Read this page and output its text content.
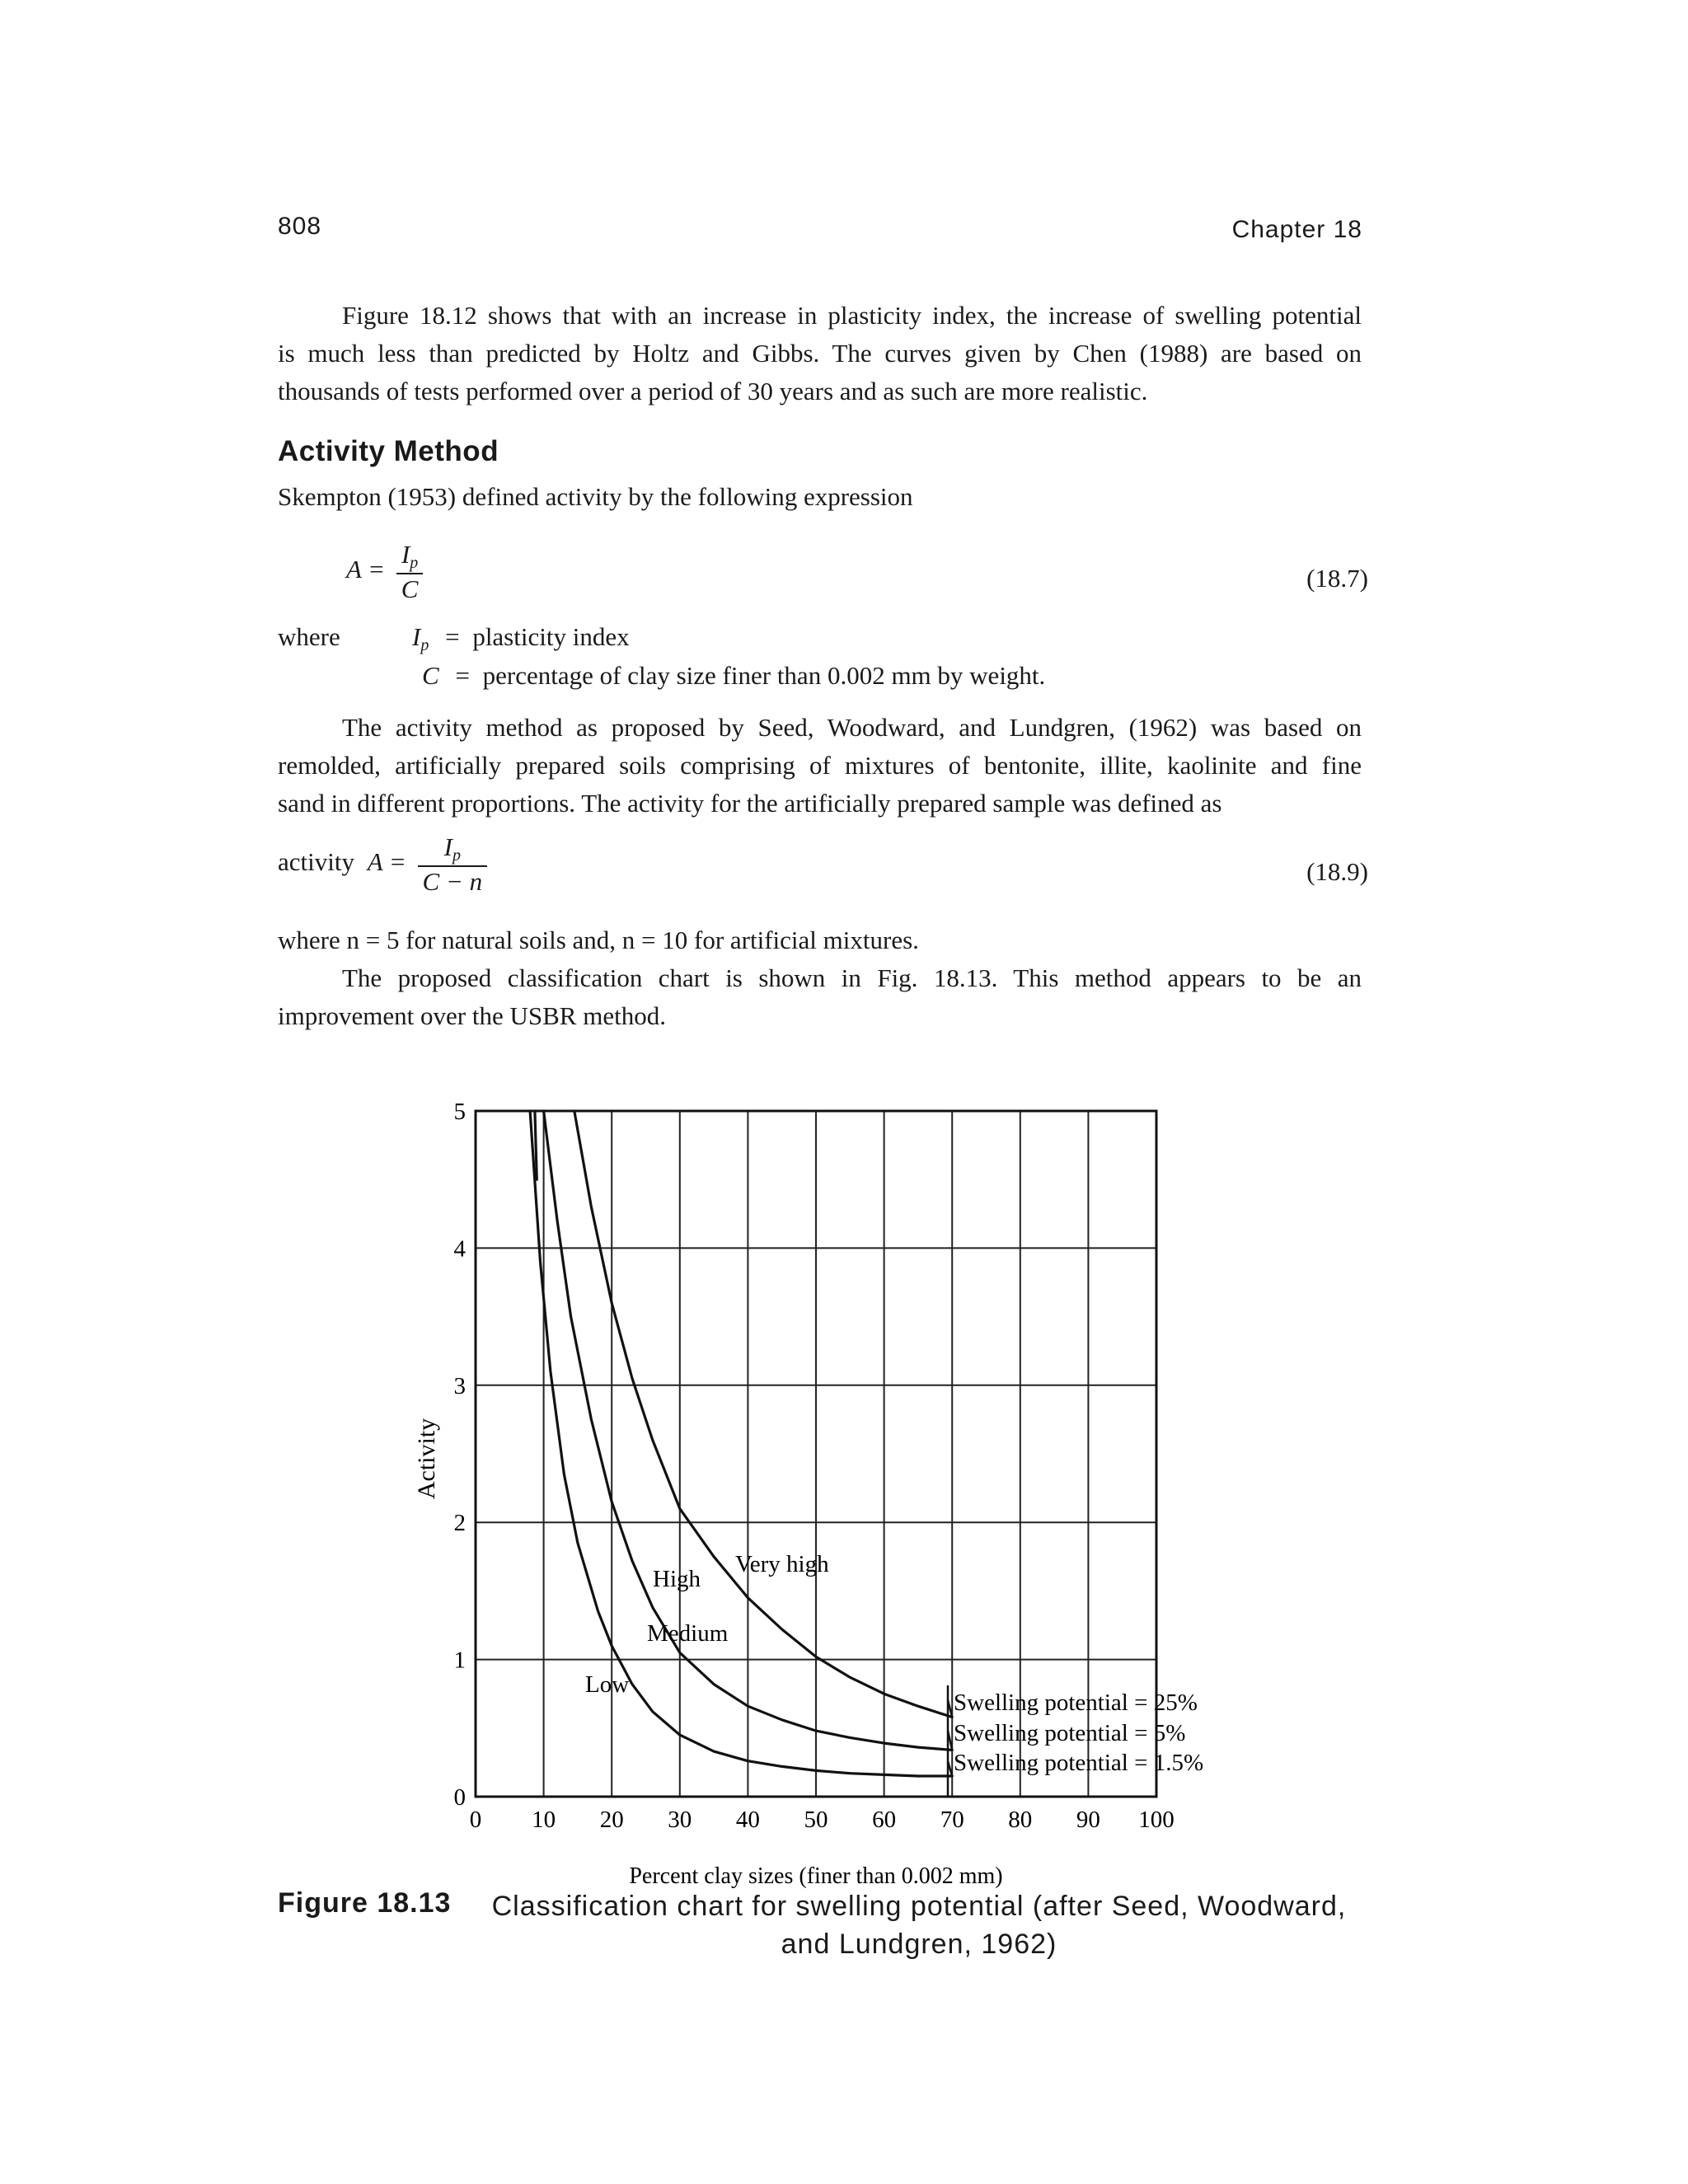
808	Chapter 18
Figure 18.12 shows that with an increase in plasticity index, the increase of swelling potential
is much less than predicted by Holtz and Gibbs. The curves given by Chen (1988) are based on
thousands of tests performed over a period of 30 years and as such are more realistic.
Activity Method
Skempton (1953) defined activity by the following expression
$A = \frac{I_p}{C}$	(18.7)
where	$I_p$ = plasticity index
C = percentage of clay size finer than 0.002 mm by weight.
The activity method as proposed by Seed, Woodward, and Lundgren, (1962) was based on
remolded, artificially prepared soils comprising of mixtures of bentonite, illite, kaolinite and fine
sand in different proportions. The activity for the artificially prepared sample was defined as
activity $A = \frac{I_p}{C - n}$	(18.9)
where n = 5 for natural soils and, n = 10 for artificial mixtures.
The proposed classification chart is shown in Fig. 18.13. This method appears to be an
improvement over the USBR method.
0 10 20 30 40 50 60 70 80 90 100
0
1
2
3
4
5
Activity
Percent clay sizes (finer than 0.002 mm)
Very high
High
Medium
Low
Swelling potential = 25%
Swelling potential = 5%
Swelling potential = 1.5%
Figure 18.13	Classification chart for swelling potential (after Seed, Woodward, and Lundgren, 1962)
